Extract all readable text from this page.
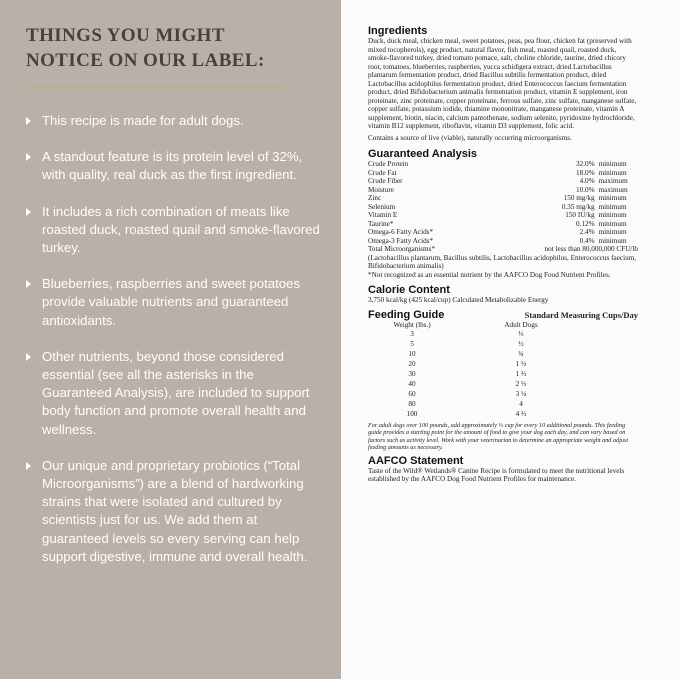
THINGS YOU MIGHT
NOTICE ON OUR LABEL:
This recipe is made for adult dogs.
A standout feature is its protein level of 32%, with quality, real duck as the first ingredient.
It includes a rich combination of meats like roasted duck, roasted quail and smoke-flavored turkey.
Blueberries, raspberries and sweet potatoes provide valuable nutrients and guaranteed antioxidants.
Other nutrients, beyond those considered essential (see all the asterisks in the Guaranteed Analysis), are included to support body function and promote overall health and wellness.
Our unique and proprietary probiotics (“Total Microorganisms”) are a blend of hardworking strains that were isolated and cultured by scientists just for us. We add them at guaranteed levels so every serving can help support digestive, immune and overall health.
Ingredients

Duck, duck meal, chicken meal, sweet potatoes, peas, pea flour, chicken fat (preserved with mixed tocopherols), egg product, natural flavor, fish meal, roasted quail, roasted duck, smoke-flavored turkey, dried tomato pomace, salt, choline chloride, taurine, dried chicory root, tomatoes, blueberries, raspberries, yucca schidigera extract, dried Lactobacillus plantarum fermentation product, dried Bacillus subtilis fermentation product, dried Lactobacillus acidophilus fermentation product, dried Enterococcus faecium fermentation product, dried Bifidobacterium animalis fermentation product, vitamin E supplement, iron proteinate, zinc proteinate, copper proteinate, ferrous sulfate, zinc sulfate, manganese sulfate, copper sulfate, potassium iodide, thiamine mononitrate, manganese proteinate, vitamin A supplement, biotin, niacin, calcium pantothenate, sodium selenite, pyridoxine hydrochloride, vitamin B12 supplement, riboflavin, vitamin D3 supplement, folic acid.

Contains a source of live (viable), naturally occurring microorganisms.

Guaranteed Analysis
Crude Protein	32.0% minimum
Crude Fat	18.0% minimum
Crude Fiber	4.0% maximum
Moisture	10.0% maximum
Zinc	150 mg/kg minimum
Selenium	0.35 mg/kg minimum
Vitamin E	150 IU/kg minimum
Taurine*	0.12% minimum
Omega-6 Fatty Acids*	2.4% minimum
Omega-3 Fatty Acids*	0.4% minimum
Total Microorganisms*	not less than 80,000,000 CFU/lb

(Lactobacillus plantarum, Bacillus subtilis, Lactobacillus acidophilus, Enterococcus faecium, Bifidobacterium animalis)

*Not recognized as an essential nutrient by the AAFCO Dog Food Nutrient Profiles.

Calorie Content

3,750 kcal/kg (425 kcal/cup) Calculated Metabolizable Energy

Feeding Guide	Standard Measuring Cups/Day
Weight (lbs.)	Adult Dogs
3	⅓
5	½
10	¾
20	1 ⅓
30	1 ⅔
40	2 ⅓
60	3 ¼
80	4
100	4 ⅔

For adult dogs over 100 pounds, add approximately ⅓ cup for every 10 additional pounds. This feeding guide provides a starting point for the amount of food to give your dog each day, and can vary based on factors such as activity level. Work with your veterinarian to determine an appropriate weight and adjust feeding amounts as necessary.

AAFCO Statement

Taste of the Wild® Wetlands® Canine Recipe is formulated to meet the nutritional levels established by the AAFCO Dog Food Nutrient Profiles for maintenance.
